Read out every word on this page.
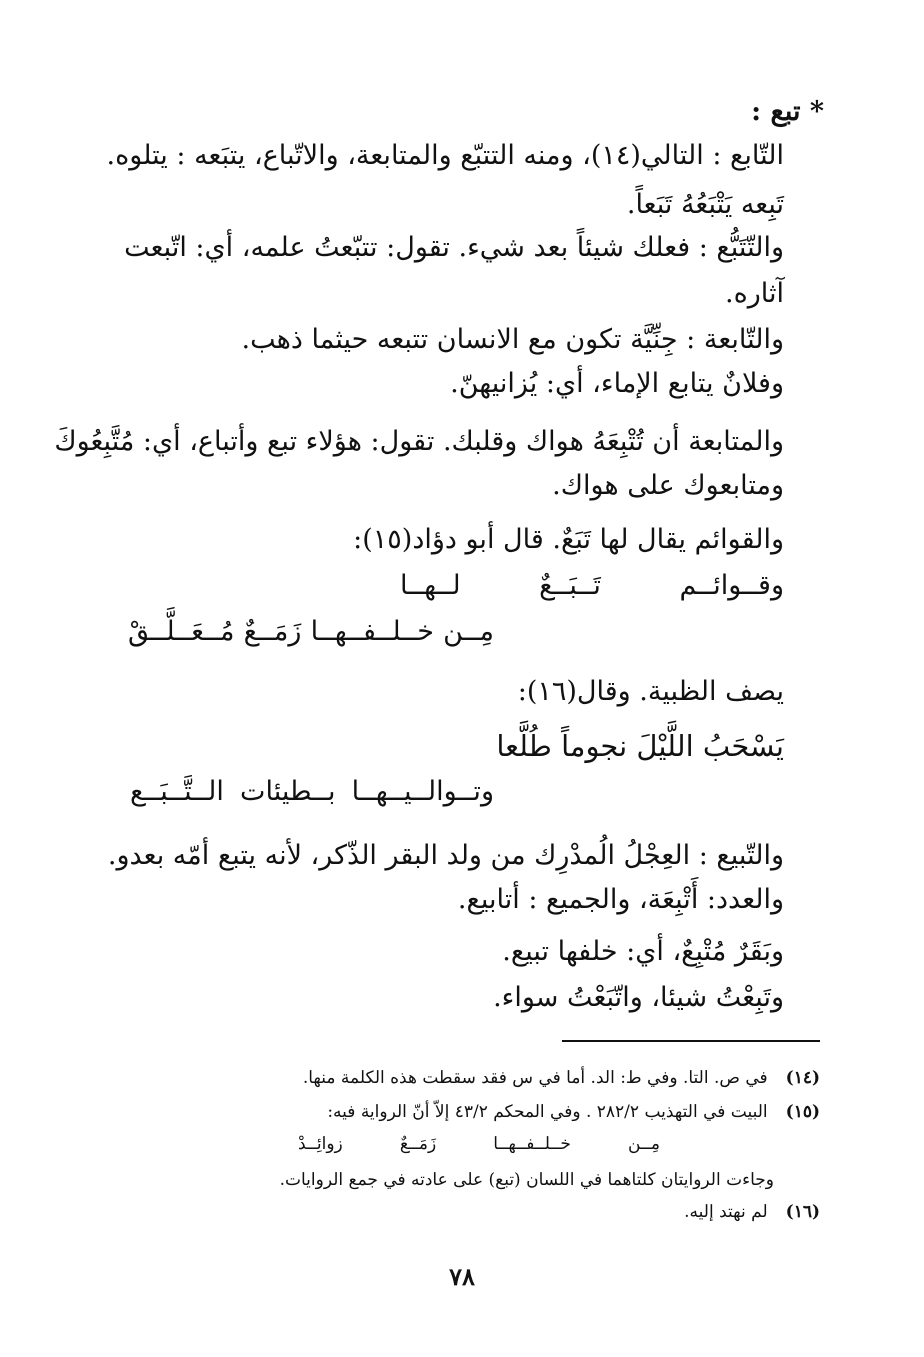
* تبع :
التّابع : التالي(١٤)، ومنه التتبّع والمتابعة، والاتّباع، يتبَعه : يتلوه.
تَبِعه يَتْبَعُهُ تَبَعاً.
والتّتَبُّع : فعلك شيئاً بعد شيء. تقول: تتبّعتُ علمه، أي: اتّبعت
آثاره.
والتّابعة : جِنِّيَّة تكون مع الانسان تتبعه حيثما ذهب.
وفلانٌ يتابع الإماء، أي: يُزانيهنّ.
والمتابعة أن تُتْبِعَهُ هواك وقلبك. تقول: هؤلاء تبع وأتباع، أي: مُتَّبِعُوكَ
ومتابعوك على هواك.
والقوائم يقال لها تَبَعٌ. قال أبو دؤاد(١٥):
وقــوائــم
تَــبَــعٌ
لــهــا
مِــن
خــلــفــهــا
زَمَــعٌ
مُــعَــلَّــقْ
يصف الظبية. وقال(١٦):
يَسْحَبُ اللَّيْلَ نجوماً طُلَّعا
وتــوالــيــهــا
بــطيئات
الــتَّــبَــع
والتّبيع : العِجْلُ الُمدْرِك من ولد البقر الذّكر، لأنه يتبع أمّه بعدو.
والعدد: أَتْبِعَة، والجميع : أتابيع.
وبَقَرٌ مُتْبِعٌ، أي: خلفها تبيع.
وتَبِعْتُ شيئا، واتّبَعْتُ سواء.
(١٤)في ص. التا. وفي ط: الد. أما في س فقد سقطت هذه الكلمة منها.
(١٥)البيت في التهذيب ٢٨٢/٢ . وفي المحكم ٤٣/٢ إلاّ أنّ الرواية فيه:
مِــن
خــلــفــهــا
زَمَــعٌ
زوائِــدْ
وجاءت الروايتان كلتاهما في اللسان (تبع) على عادته في جمع الروايات.
(١٦)لم نهتد إليه.
٧٨
